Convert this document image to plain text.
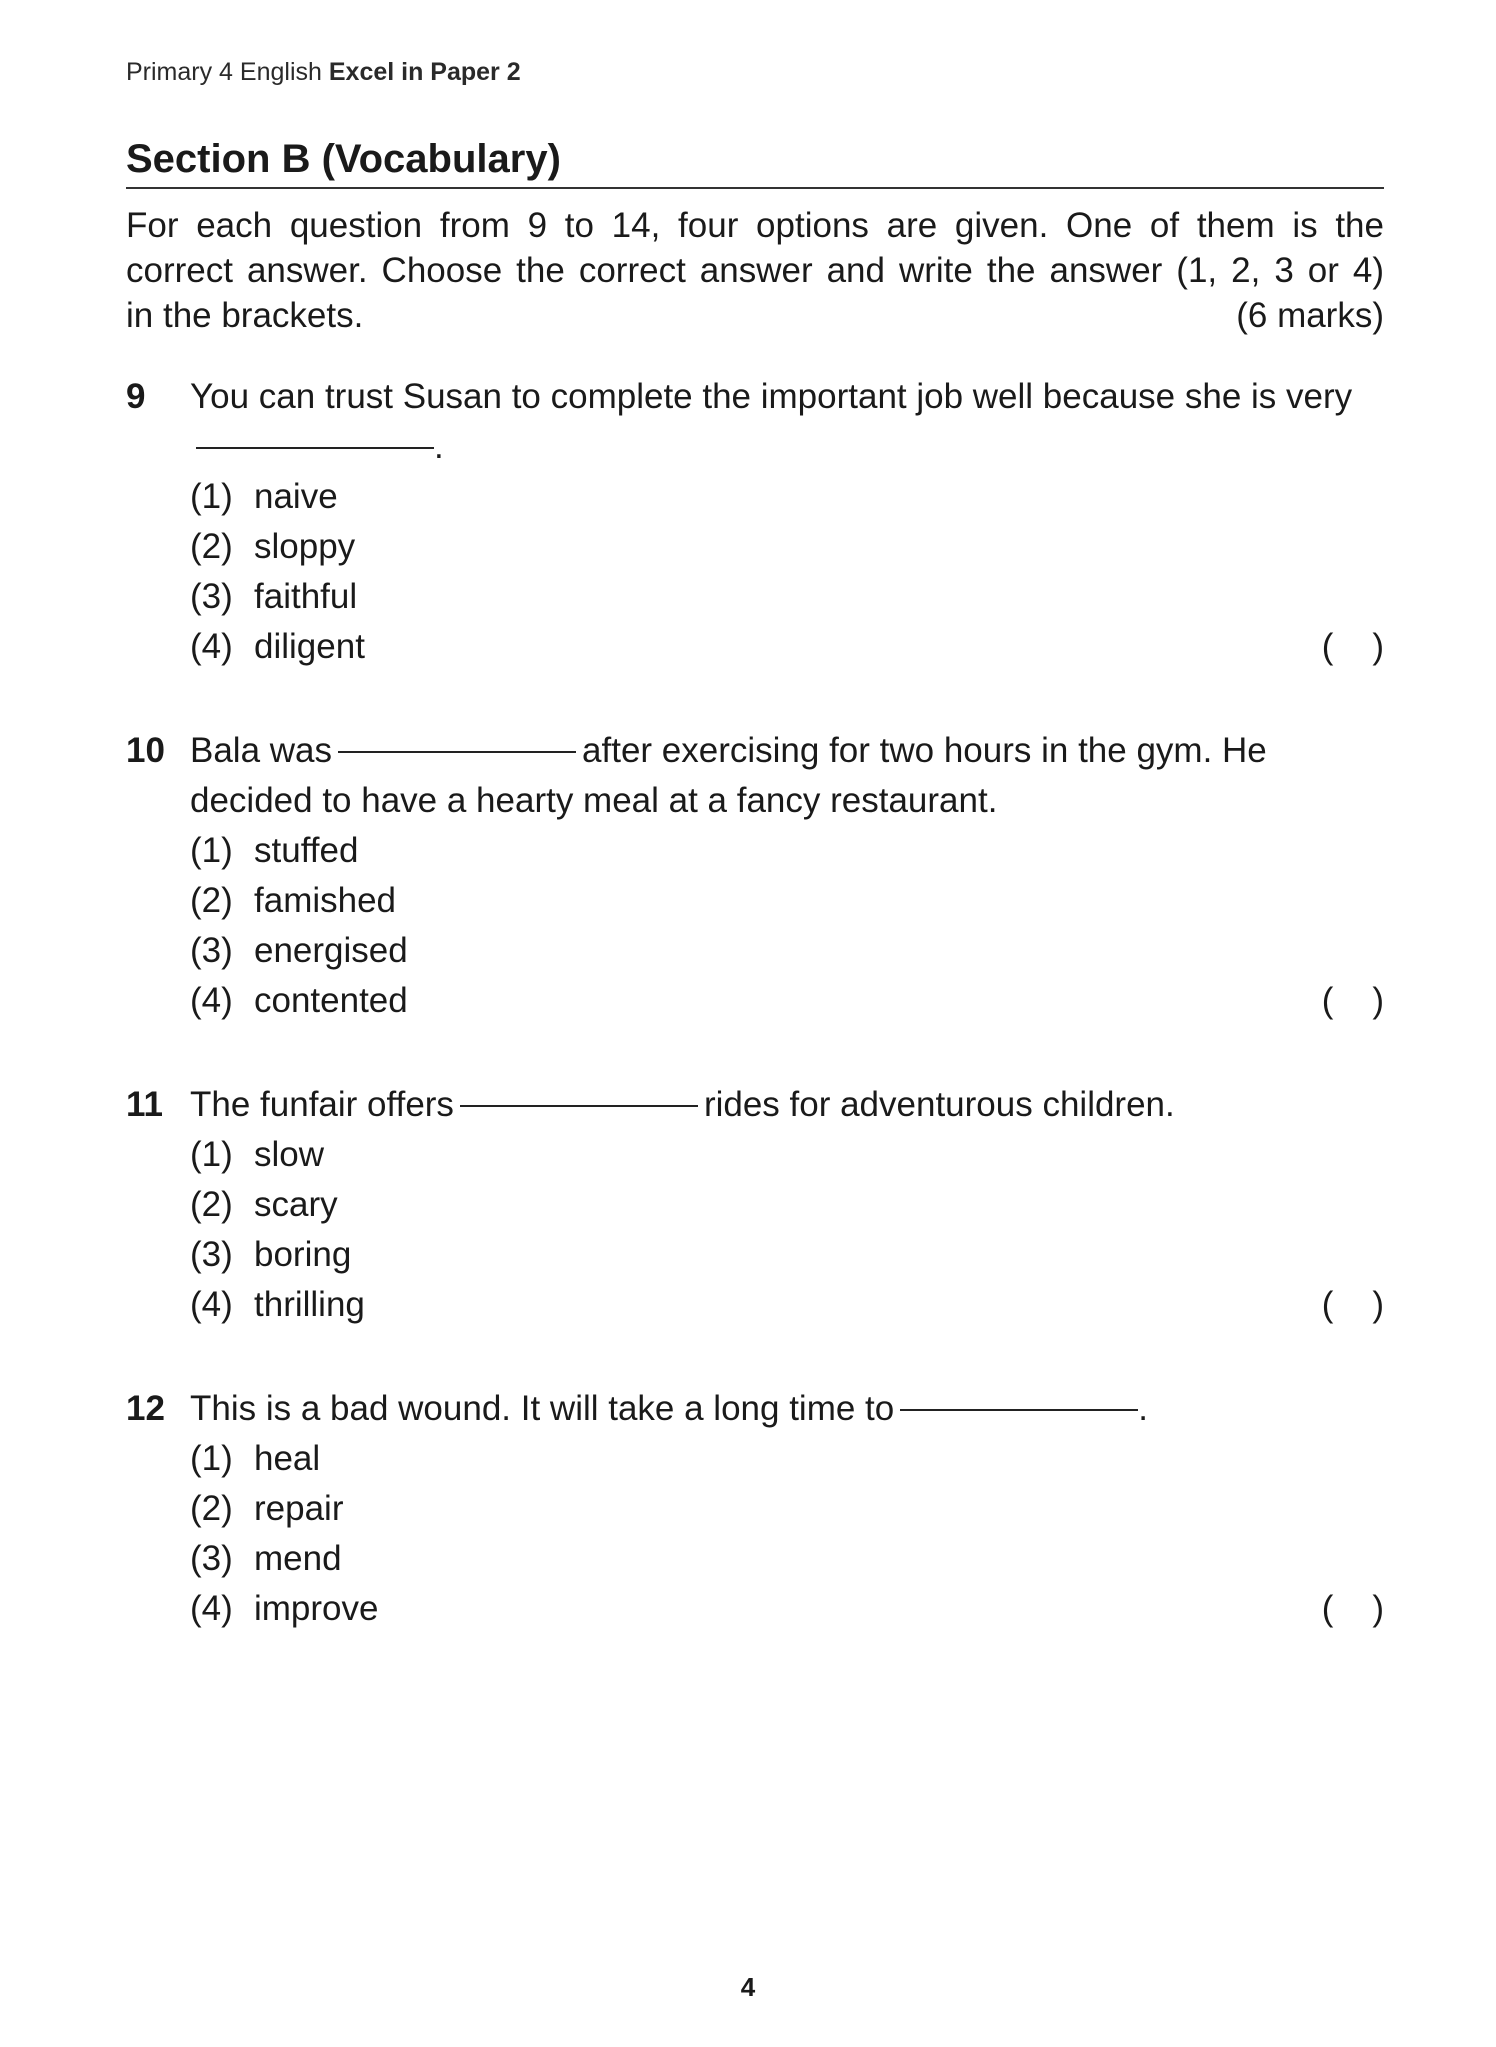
Primary 4 English Excel in Paper 2
Section B (Vocabulary)
For each question from 9 to 14, four options are given. One of them is the
correct answer. Choose the correct answer and write the answer (1, 2, 3 or 4)
in the brackets.	(6 marks)
9 You can trust Susan to complete the important job well because she is very.
(1) naive
(2) sloppy
(3) faithful
(4) diligent	(    )
10 Bala was	after exercising for two hours in the gym. He decided to have a hearty meal at a fancy restaurant.
(1) stuffed
(2) famished
(3) energised
(4) contented	(    )
11 The funfair offers	rides for adventurous children.
(1) slow
(2) scary
(3) boring
(4) thrilling	(    )
12 This is a bad wound. It will take a long time to	.
(1) heal
(2) repair
(3) mend
(4) improve	(    )
4
